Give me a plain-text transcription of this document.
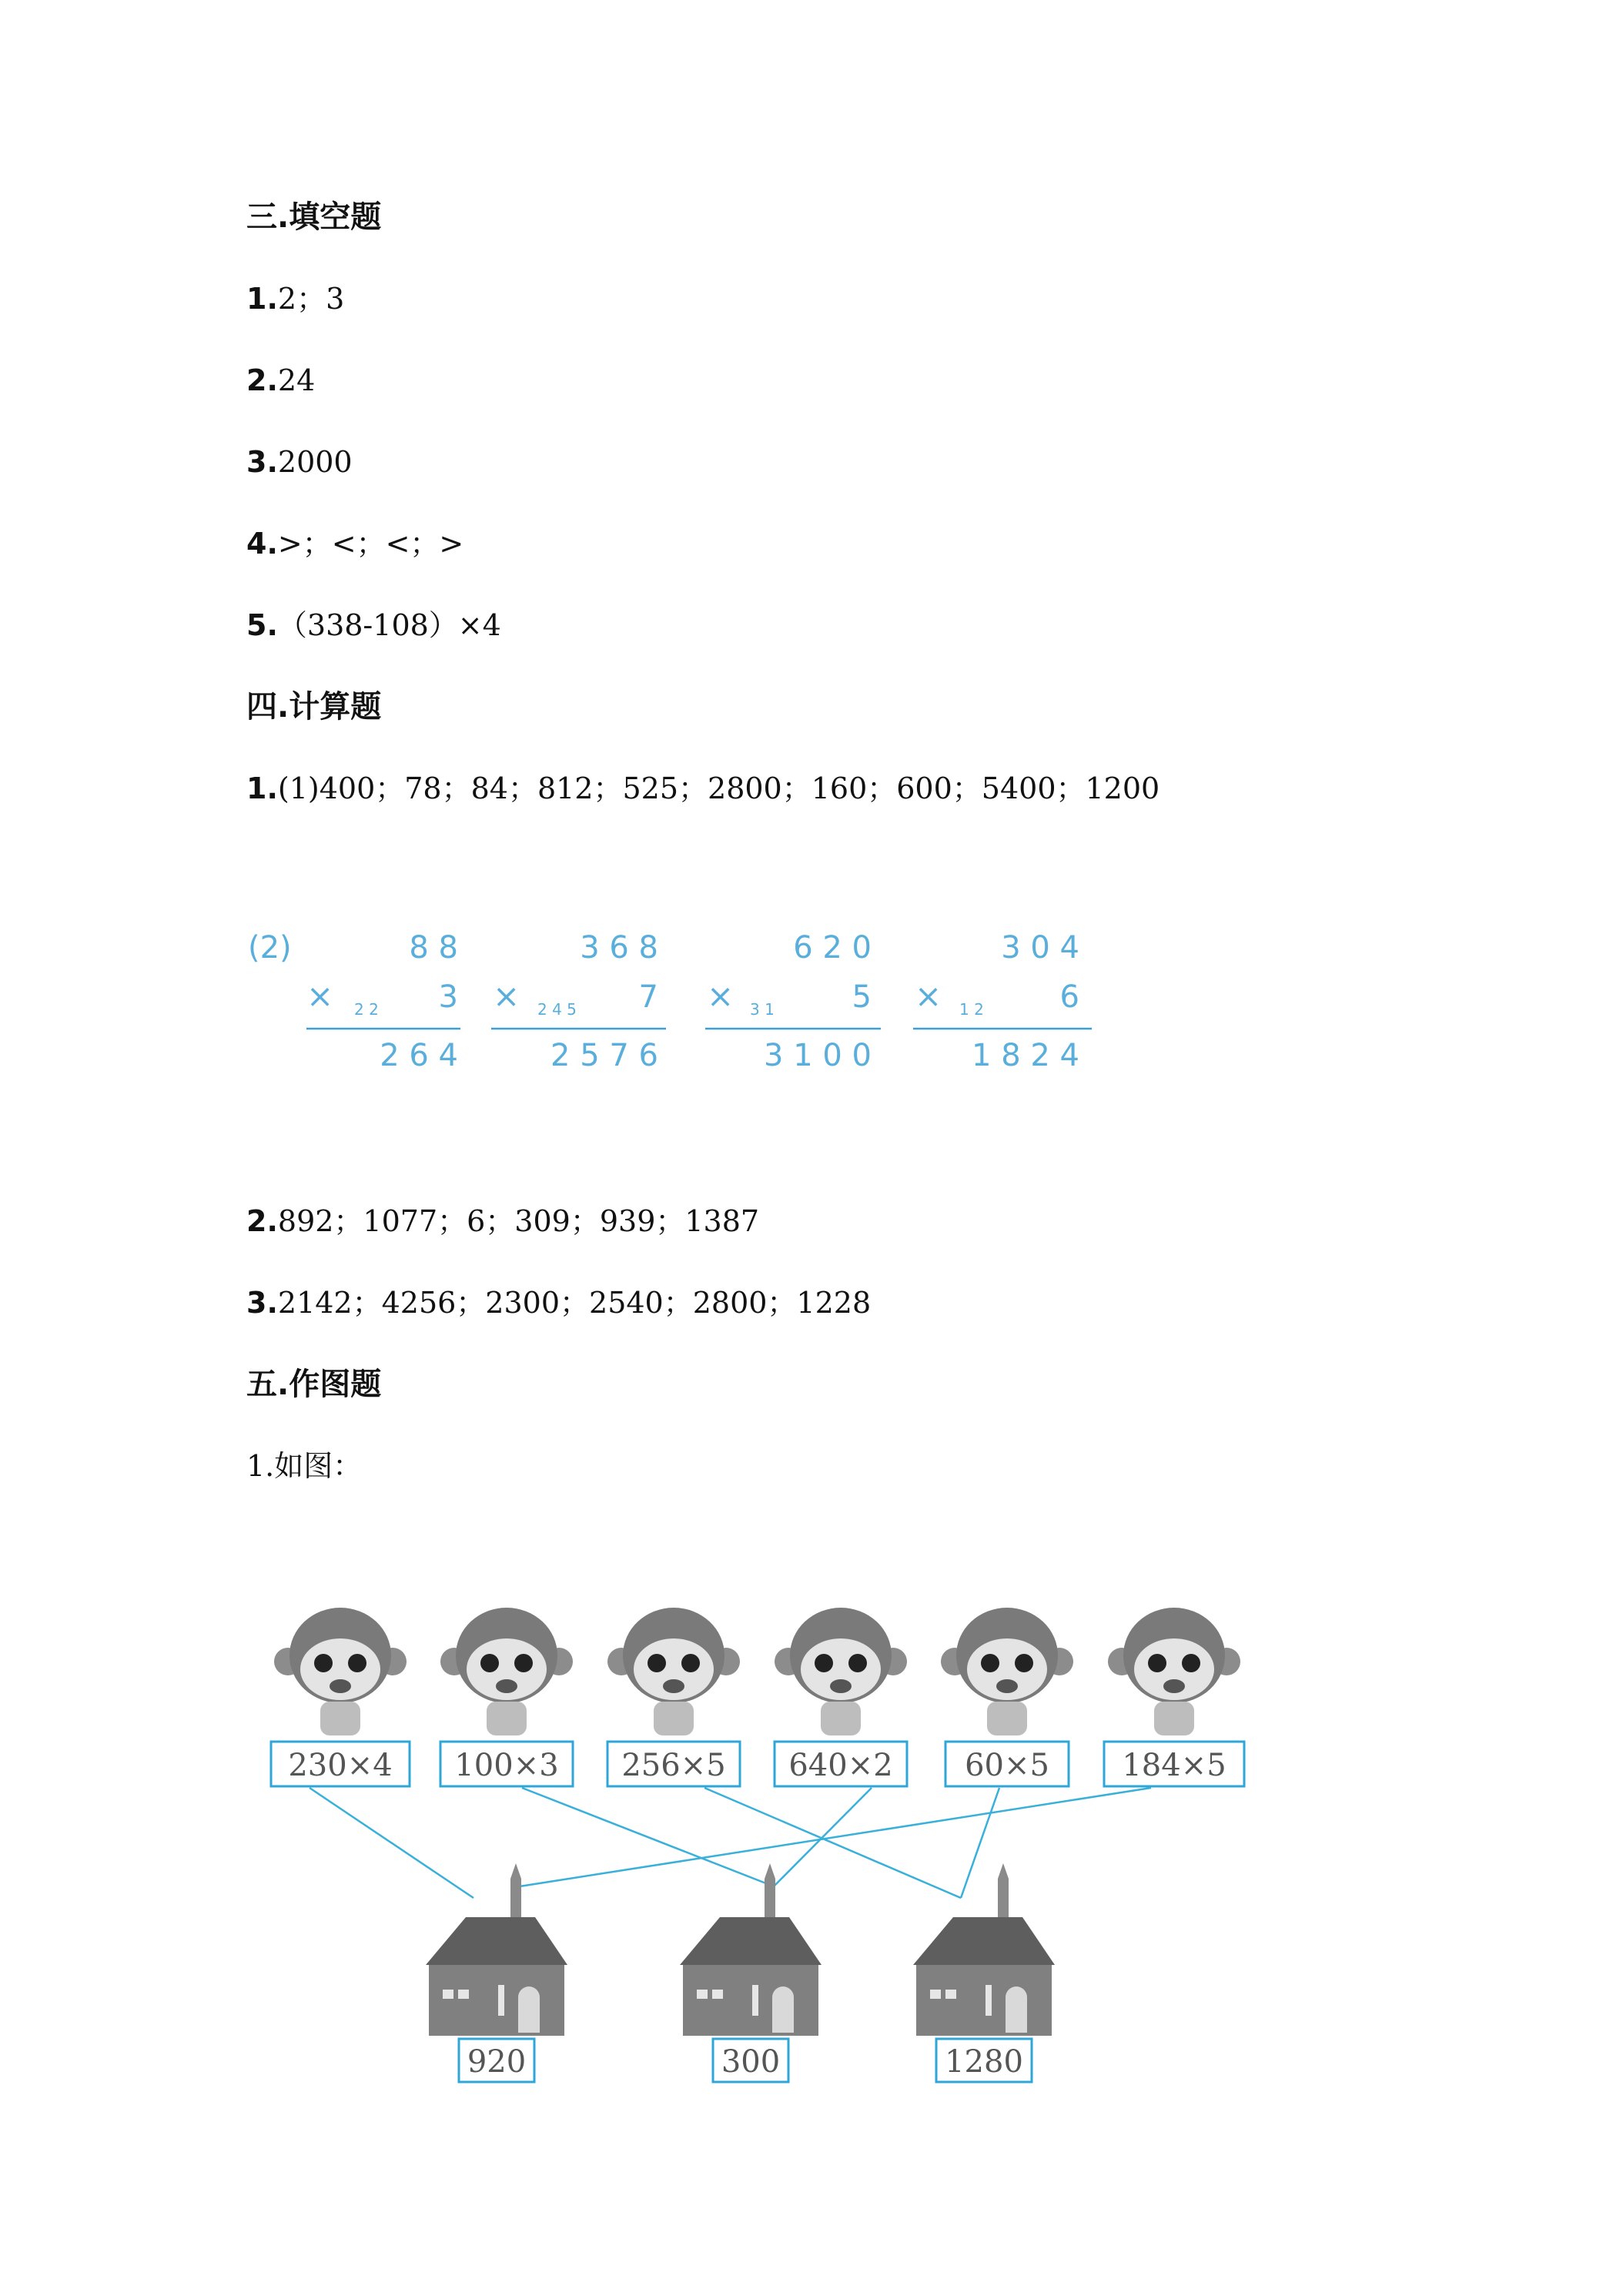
三.填空题
1.2；3
2.24
3.2000
4.>；<；<；>
5.（338-108）×4
四.计算题
1.(1)400；78；84；812；525；2800；160；600；5400；1200
(2)	8 8
× 2 2 3
2 6 4
3 6 8
× 2 4 5 7
2 5 7 6
6 2 0
× 3 1	5
3 1 0 0
3 0 4
× 1 2 6
1 8 2 4
2.892；1077；6；309；939；1387
3.2142；4256；2300；2540；2800；1228
五.作图题
1.如图：
230×4 100×3 256×5 640×2 60×5 184×5
920	300	1280
